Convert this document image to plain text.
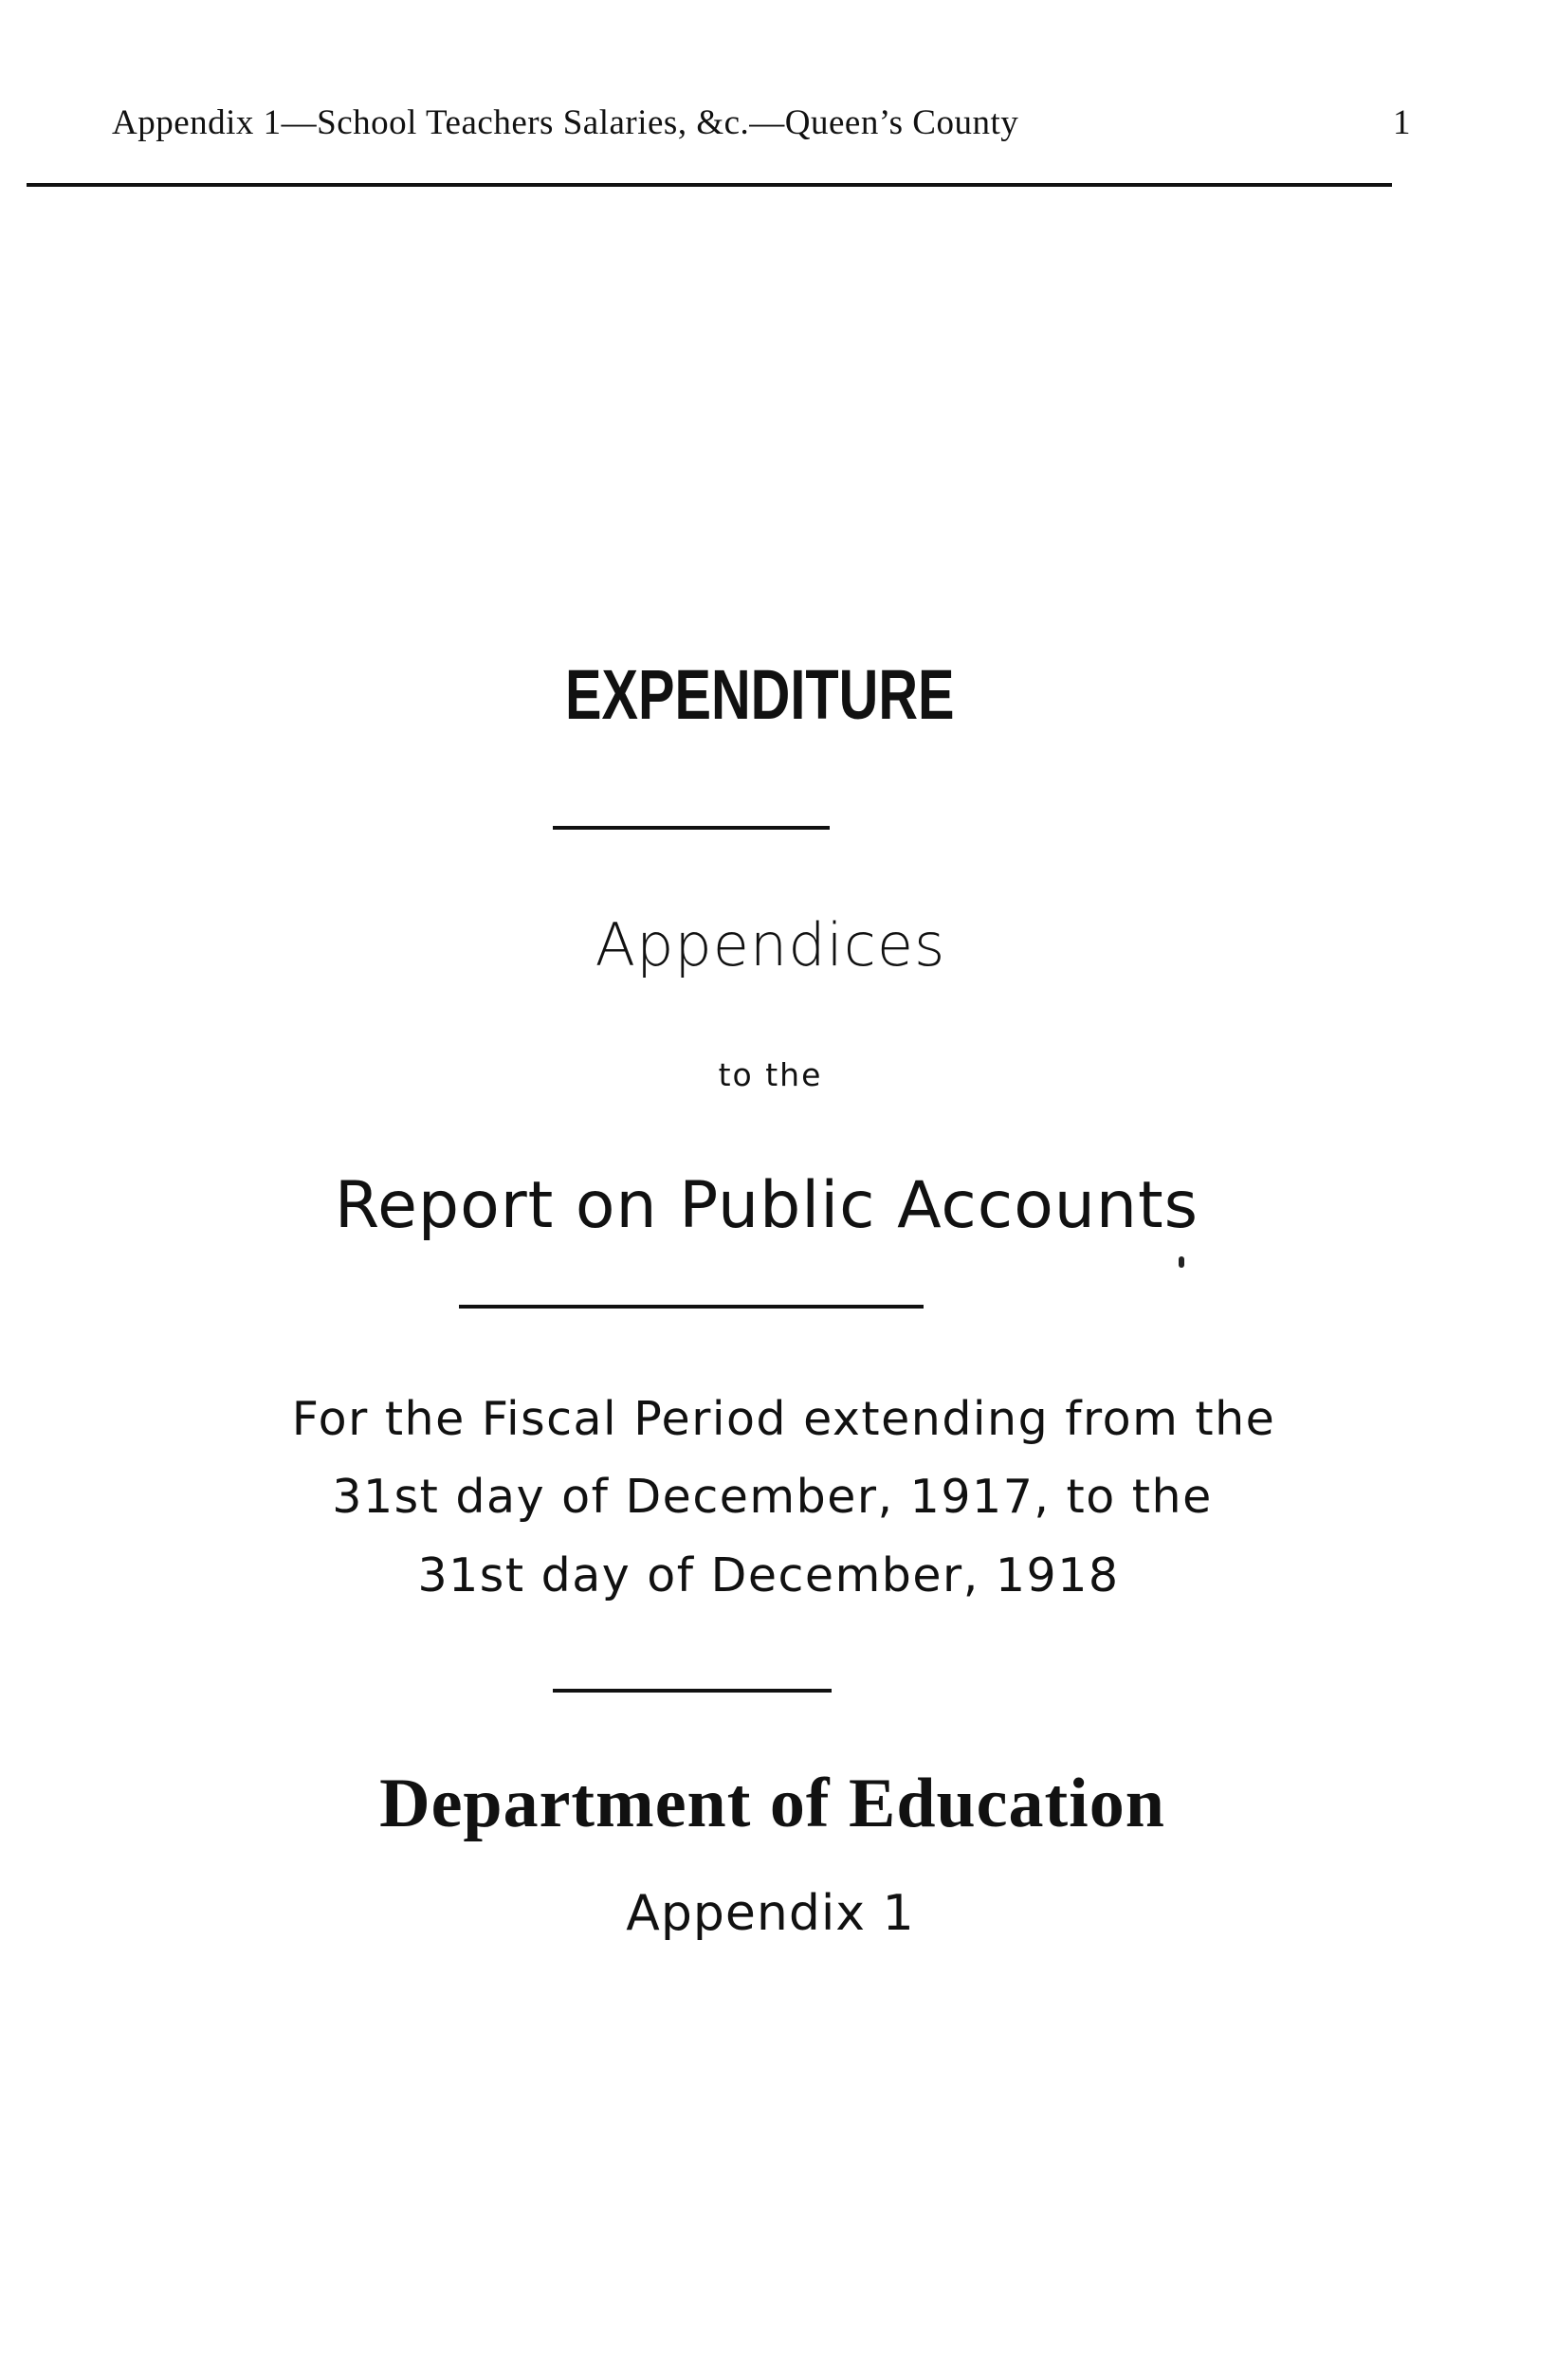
Appendix 1—School Teachers Salaries, &c.—Queen’s County	1
EXPENDITURE
Appendices
to the
Report on Public Accounts
For the Fiscal Period extending from the
31st day of December, 1917, to the
31st day of December, 1918
Department of Education
Appendix 1
